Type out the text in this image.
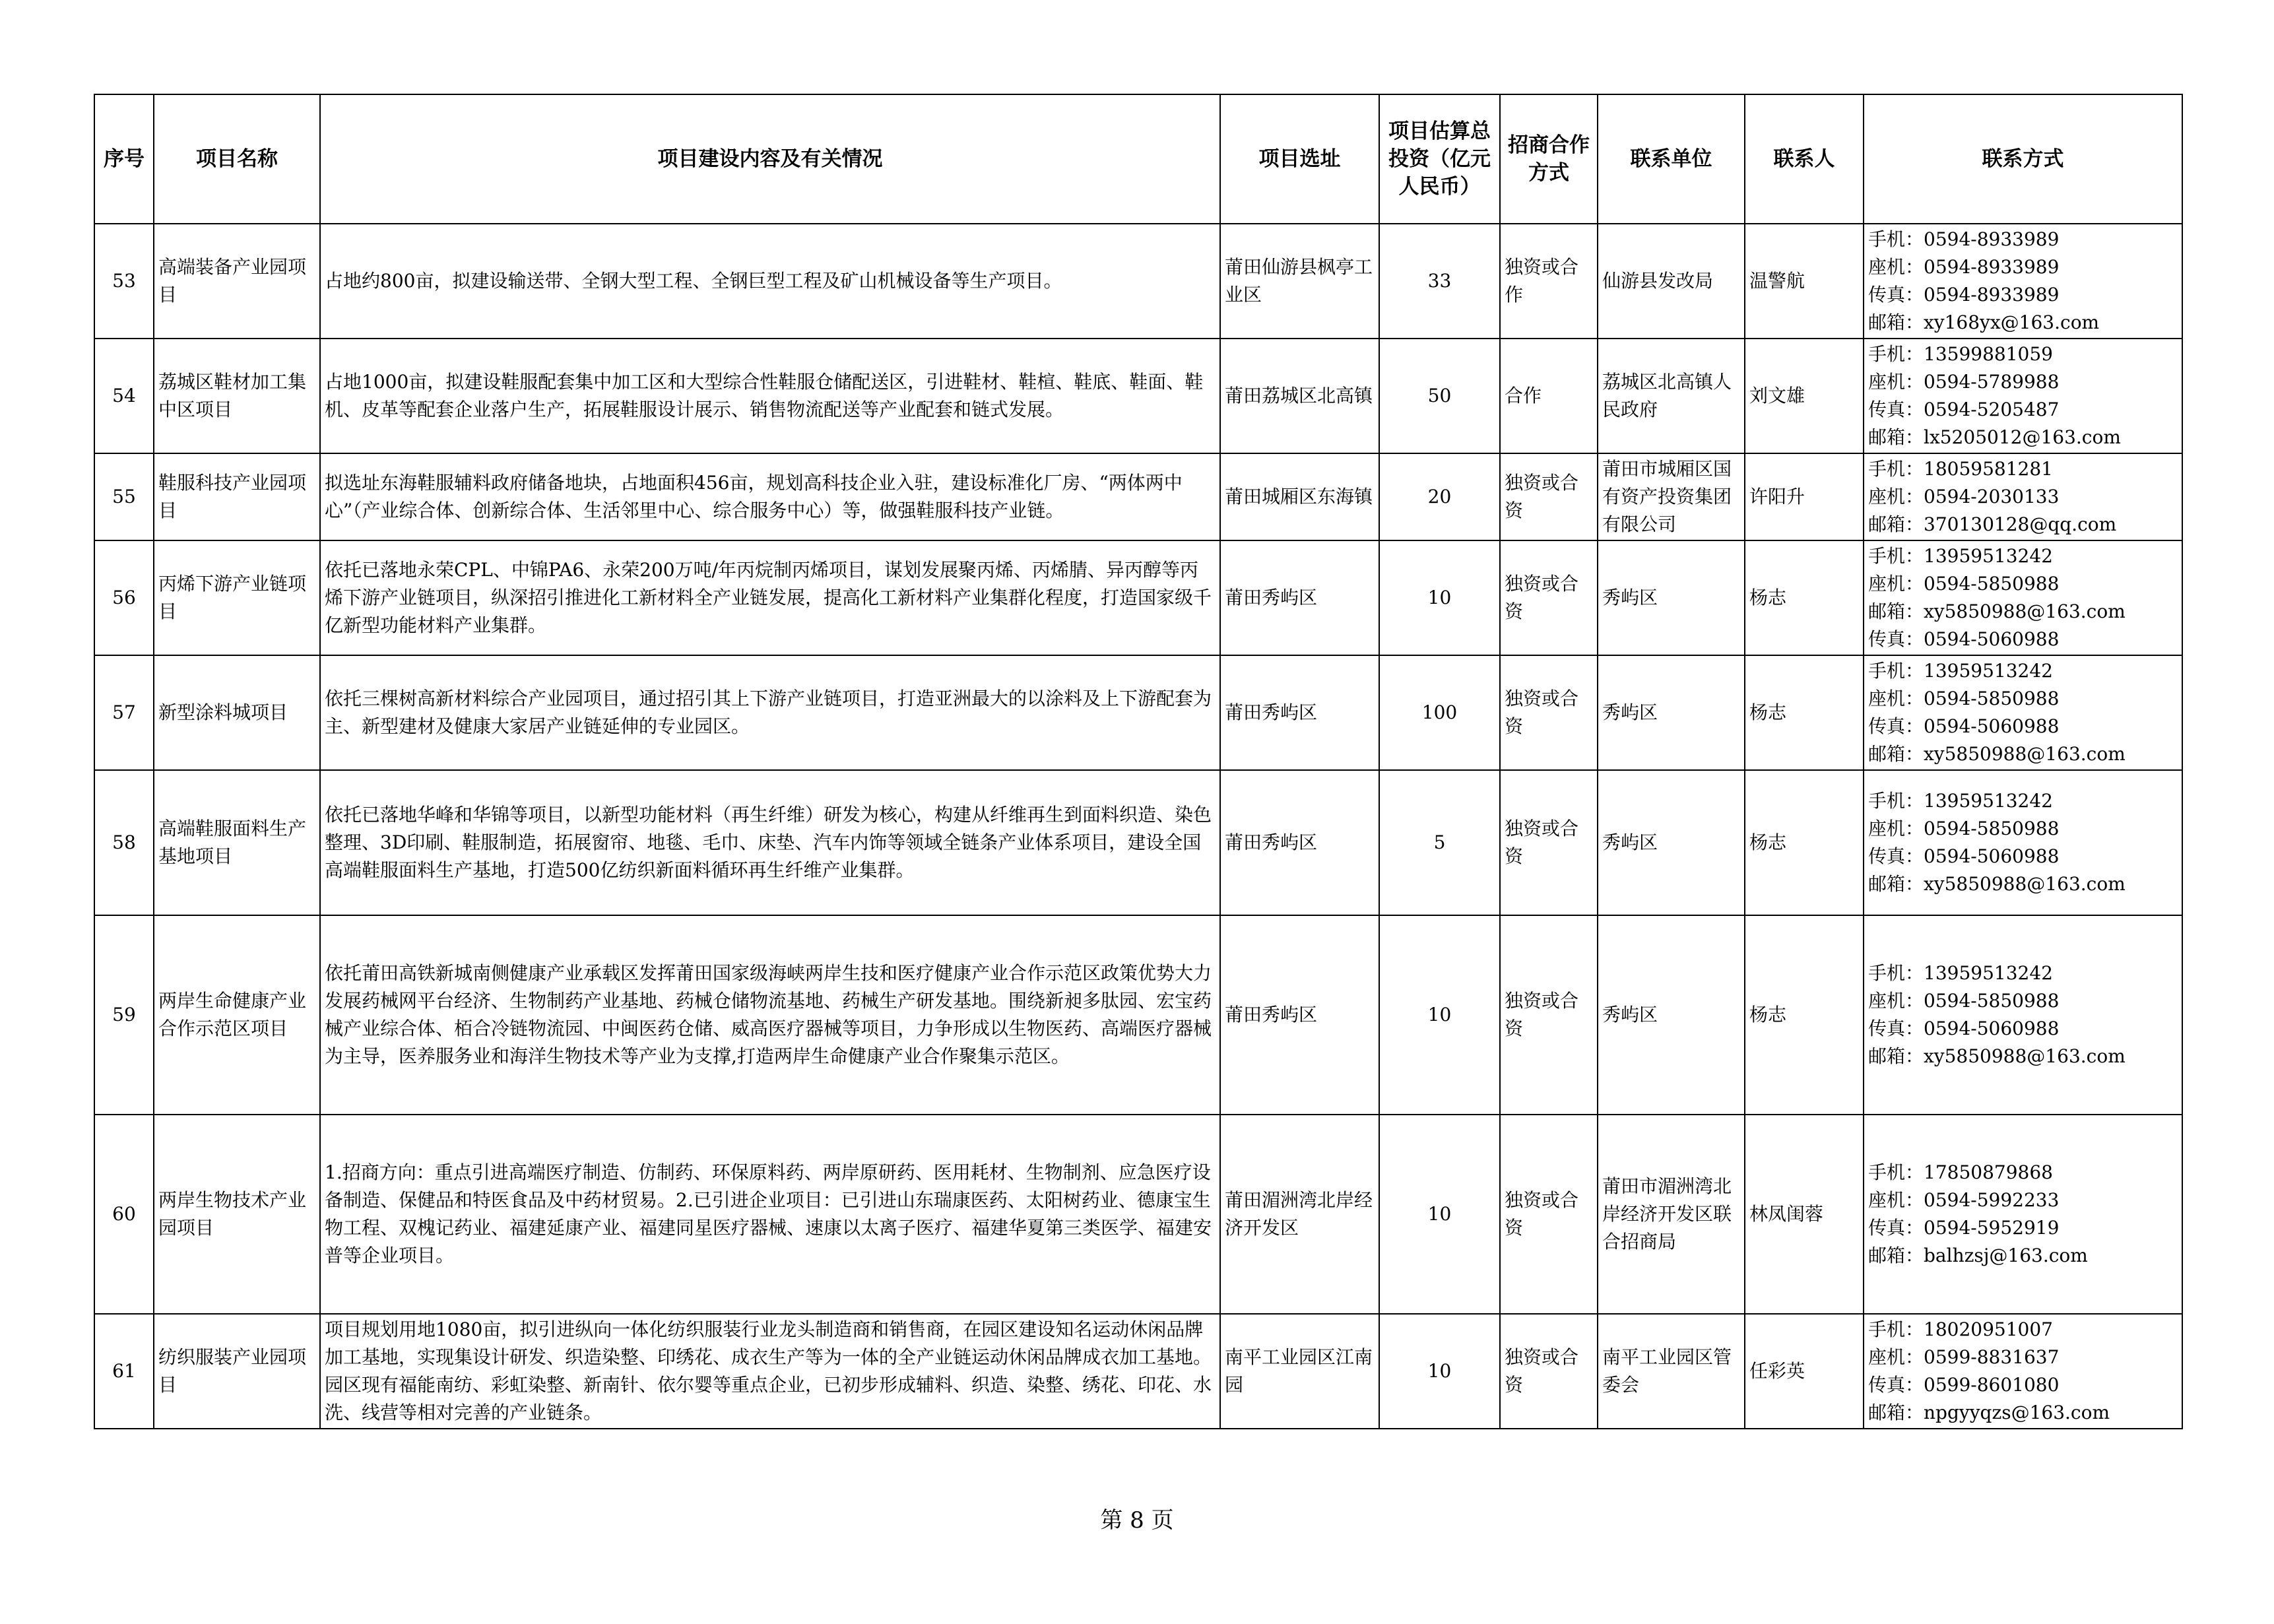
序号	项目名称	项目建设内容及有关情况	项目选址	项目估算总投资（亿元人民币）	招商合作方式	联系单位	联系人	联系方式
53	高端装备产业园项目	占地约800亩，拟建设输送带、全钢大型工程、全钢巨型工程及矿山机械设备等生产项目。	莆田仙游县枫亭工业区	33	独资或合作	仙游县发改局	温警航	手机：0594-8933989
座机：0594-8933989
传真：0594-8933989
邮箱：xy168yx@163.com

54	荔城区鞋材加工集中区项目	占地1000亩，拟建设鞋服配套集中加工区和大型综合性鞋服仓储配送区，引进鞋材、鞋楦、鞋底、鞋面、鞋机、皮革等配套企业落户生产，拓展鞋服设计展示、销售物流配送等产业配套和链式发展。	莆田荔城区北高镇	50	合作	荔城区北高镇人民政府	刘文雄	手机：13599881059
座机：0594-5789988
传真：0594-5205487
邮箱：lx5205012@163.com

55	鞋服科技产业园项目	拟选址东海鞋服辅料政府储备地块，占地面积456亩，规划高科技企业入驻，建设标准化厂房、“两体两中心”（产业综合体、创新综合体、生活邻里中心、综合服务中心）等，做强鞋服科技产业链。	莆田城厢区东海镇	20	独资或合资	莆田市城厢区国有资产投资集团有限公司	许阳升	手机：18059581281
座机：0594-2030133
邮箱：370130128@qq.com

56	丙烯下游产业链项目	依托已落地永荣CPL、中锦PA6、永荣200万吨/年丙烷制丙烯项目，谋划发展聚丙烯、丙烯腈、异丙醇等丙烯下游产业链项目，纵深招引推进化工新材料全产业链发展，提高化工新材料产业集群化程度，打造国家级千亿新型功能材料产业集群。	莆田秀屿区	10	独资或合资	秀屿区	杨志	手机：13959513242
座机：0594-5850988
邮箱：xy5850988@163.com
传真：0594-5060988

57	新型涂料城项目	依托三棵树高新材料综合产业园项目，通过招引其上下游产业链项目，打造亚洲最大的以涂料及上下游配套为主、新型建材及健康大家居产业链延伸的专业园区。	莆田秀屿区	100	独资或合资	秀屿区	杨志	手机：13959513242
座机：0594-5850988
传真：0594-5060988
邮箱：xy5850988@163.com

58	高端鞋服面料生产基地项目	依托已落地华峰和华锦等项目，以新型功能材料（再生纤维）研发为核心，构建从纤维再生到面料织造、染色整理、3D印刷、鞋服制造，拓展窗帘、地毯、毛巾、床垫、汽车内饰等领域全链条产业体系项目，建设全国高端鞋服面料生产基地，打造500亿纺织新面料循环再生纤维产业集群。	莆田秀屿区	5	独资或合资	秀屿区	杨志	手机：13959513242
座机：0594-5850988
传真：0594-5060988
邮箱：xy5850988@163.com

59	两岸生命健康产业合作示范区项目	依托莆田高铁新城南侧健康产业承载区发挥莆田国家级海峡两岸生技和医疗健康产业合作示范区政策优势大力发展药械网平台经济、生物制药产业基地、药械仓储物流基地、药械生产研发基地。围绕新昶多肽园、宏宝药械产业综合体、栢合冷链物流园、中闽医药仓储、威高医疗器械等项目，力争形成以生物医药、高端医疗器械为主导，医养服务业和海洋生物技术等产业为支撑,打造两岸生命健康产业合作聚集示范区。	莆田秀屿区	10	独资或合资	秀屿区	杨志	手机：13959513242
座机：0594-5850988
传真：0594-5060988
邮箱：xy5850988@163.com

60	两岸生物技术产业园项目	1.招商方向：重点引进高端医疗制造、仿制药、环保原料药、两岸原研药、医用耗材、生物制剂、应急医疗设备制造、保健品和特医食品及中药材贸易。2.已引进企业项目：已引进山东瑞康医药、太阳树药业、德康宝生物工程、双槐记药业、福建延康产业、福建同星医疗器械、速康以太离子医疗、福建华夏第三类医学、福建安普等企业项目。	莆田湄洲湾北岸经济开发区	10	独资或合资	莆田市湄洲湾北岸经济开发区联合招商局	林凤闺蓉	手机：17850879868
座机：0594-5992233
传真：0594-5952919
邮箱：balhzsj@163.com

61	纺织服装产业园项目	项目规划用地1080亩，拟引进纵向一体化纺织服装行业龙头制造商和销售商，在园区建设知名运动休闲品牌加工基地，实现集设计研发、织造染整、印绣花、成衣生产等为一体的全产业链运动休闲品牌成衣加工基地。园区现有福能南纺、彩虹染整、新南针、依尔婴等重点企业，已初步形成辅料、织造、染整、绣花、印花、水洗、线营等相对完善的产业链条。	南平工业园区江南园	10	独资或合资	南平工业园区管委会	任彩英	手机：18020951007
座机：0599-8831637
传真：0599-8601080
邮箱：npgyyqzs@163.com
第 8 页
